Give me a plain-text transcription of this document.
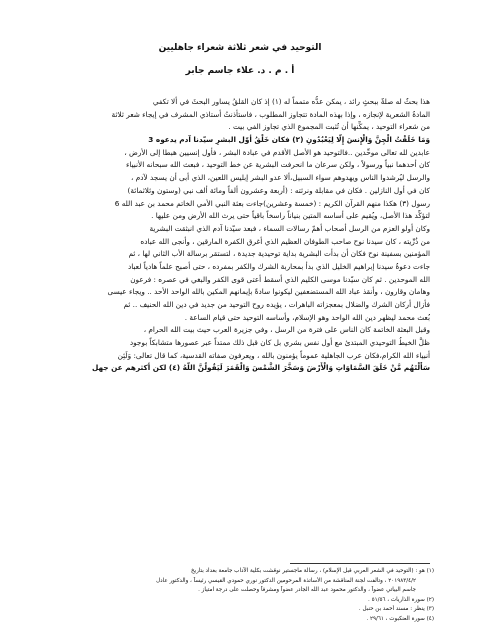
التوحيد في شعر ثلاثة شعراء جاهليين
أ . م . د. علاء جاسم جابر
هذا بحثٌ له صلةٌ ببحثٍ رائد ، يمكن عدُّه متمماً له (١) إذ كان القلقُ يساور البحثَ في ألا تكفي
المادةُ الشعرية لإنجازه ، وإذا بهذه المادة تتجاوز المطلوب ، فاستأذنتُ أستاذي المشرف في إيجاء شعر ثلاثة
من شعراء التوحيد ، يمكِّنها أن تُثبت المجموع الذي تجاوز الفي بيت .
وَمَا خَلَقْتُ الْجِنَّ وَالْإِنسَ إِلَّا لِيَعْبُدُونِ (٢) فكان خَلْقُ أوّل البشرِ سيّدنا آدم يدعوه 3
عابدين لله تعالى موحِّدين ..فالتوحيد هو الأصل الأقدم في عبادة البشر ، فأول إنسيين هبطا إلى الأرض ،
كان أحدهما نبياً ورسولاً ، ولكن سرعان ما انحرفت البشرية عن خط التوحيد ، فبعث الله سبحانه الأنبياء
والرسل ليُرشدوا الناس ويهدوهم سواء السبيل،ألا عدو البشر إبليس اللعين، الذي أبى أن يسجد لآدم ،
كان في أول النازلين . فكان في مقابلة ونرثته : (أربعة وعشرون ألفاً ومائة ألف نبي (وستون وثلاثمائة)
رسول (٣) هكذا منهم القرآن الكريم : (خمسة وعشرين)جاءت بعثة النبي الأمي الخاتم محمد بن عبد الله 6
لتؤكِّد هذا الأصل، ويُقيم على أساسه المتين بنياناً راسخاً باقياً حتى يرث الله الأرض ومن عليها .
وكان أولو العزم من الرسل أصحاب أهمّ رسالات السماء ، فبعد سيّدنا آدم الذي انبثقت البشرية
من ذُرِّيته ، كان سيدنا نوح صاحب الطوفان العظيم الذي أغرق الكفرة المارقين ، وأنجى الله عباده
المؤمنين بسفينة نوح فكان أن بدأت البشرية بداية توحيدية جديدة ، لتستقر برسالة الأب الثاني لها ، ثم
جاءت دعوةُ سيدنا إبراهيم الخليل الذي بدأ بمحاربة الشرك والكفر بمفرده ، حتى أصبح علماً هادياً لعباد
الله الموحدين . ثم كان سيّدنا موسى الكليم الذي أسقط أعتى قوى الكفر والبغي في عصره : فرعون
وهامان وقارون ، وأنقذ عباد الله المستضعفين ليكونوا سادةً بإيمانهم المكين بالله الواحد الأحد .. ويجاء عيسى
فأزال أركان الشرك والضلال بمعجزاته الباهرات ، يؤيده روح التوحيد من جديد في دين الله الحنيف .. ثم
بُعث محمد ليظهر دين الله الواحد وهو الإسلام، وأساسه التوحيد حتى قيام الساعة .
وقبل البعثة الخاتمة كان الناس على فترة من الرسل ، وفي جزيرة العرب حيث بيت الله الحرام ،
ظلَّ الخيطُ التوحيدي المبتدئ مع أول نفس بشري بل كان قبل ذلك ممتداً عبر عصورها متشابكاً بوجود
أنبياء الله الكرام،فكان عرب الجاهلية عموماً يؤمنون بالله ، ويعرفون صفاته القدسية، كما قال تعالى: وَلَئِن
سَأَلْتَهُم مَّنْ خَلَقَ السَّمَاوَاتِ وَالْأَرْضَ وَسَخَّرَ الشَّمْسَ وَالْقَمَرَ لَيَقُولُنَّ اللَّهُ (٤) لكن أكثرهم عن جهل
(١) هو : (التوحيد في الشعر العربي قبل الإسلام) ، رسالة ماجستير نوقشت بكلية الآداب جامعة بغداد بتاريخ
٢٠١٩٨٣/٤/٢ ، وتألفت لجنة المناقشة من الأساتذة المرحومين الدكتور نوري حمودي القيسي رئيساً ، والدكتور عادل
جاسم البياتي عضواً ، والدكتور محمود عبد الله الجادر عضواً ومشرفاً وحصلت على درجة امتياز .
(٢) سورة الذاريات ، ٥١/٥٦ .
(٣) ينظر : مسند أحمد بن حنبل .
(٤) سورة العنكبوت ، ٢٩/٦١ .
